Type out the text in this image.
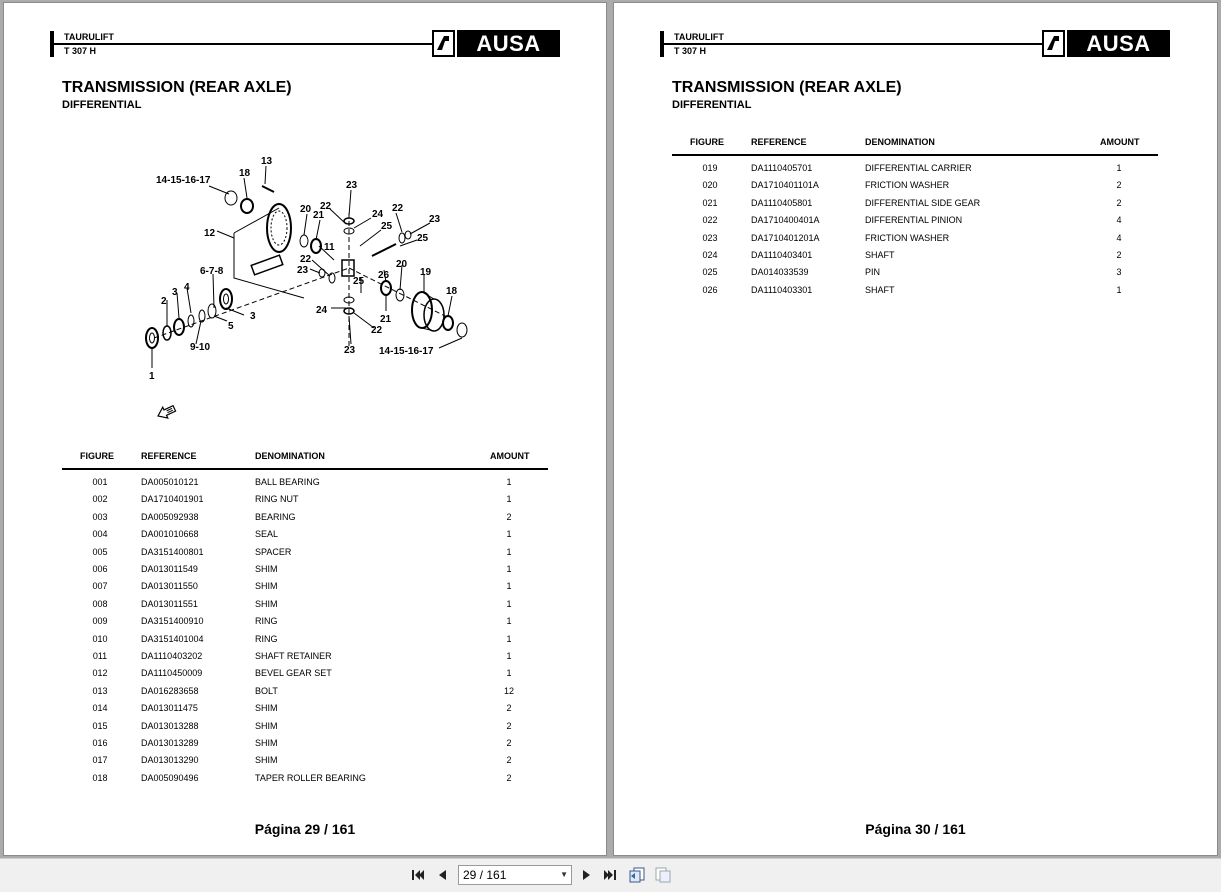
TAURULIFT
T 307 H	AUSA
TRANSMISSION (REAR AXLE)
DIFFERENTIAL
14-15-16-17
18
13
23
22
20
21	24
22
23
25
25
11
12
22
23	26
20
19
25
6-7-8
2
3 4
3
5
18
24
21
22
9-10	23 14-15-16-17
1
FIGURE	REFERENCE	DENOMINATION	AMOUNT
001	DA005010121	BALL BEARING	1
002	DA1710401901	RING NUT	1
003	DA005092938	BEARING	2
004	DA001010668	SEAL	1
005	DA3151400801	SPACER	1
006	DA013011549	SHIM	1
007	DA013011550	SHIM	1
008	DA013011551	SHIM	1
009	DA3151400910	RING	1
010	DA3151401004	RING	1
011	DA1110403202	SHAFT RETAINER	1
012	DA1110450009	BEVEL GEAR SET	1
013	DA016283658	BOLT	12
014	DA013011475	SHIM	2
015	DA013013288	SHIM	2
016	DA013013289	SHIM	2
017	DA013013290	SHIM	2
018	DA005090496	TAPER ROLLER BEARING	2
Página 29 / 161
TAURULIFT
T 307 H	AUSA
TRANSMISSION (REAR AXLE)
DIFFERENTIAL
FIGURE	REFERENCE	DENOMINATION	AMOUNT
019	DA1110405701	DIFFERENTIAL CARRIER	1
020	DA1710401101A	FRICTION WASHER	2
021	DA1110405801	DIFFERENTIAL SIDE GEAR	2
022	DA1710400401A	DIFFERENTIAL PINION	4
023	DA1710401201A	FRICTION WASHER	4
024	DA1110403401	SHAFT	2
025	DA014033539	PIN	3
026	DA1110403301	SHAFT	1
Página 30 / 161
29 / 161	▼
